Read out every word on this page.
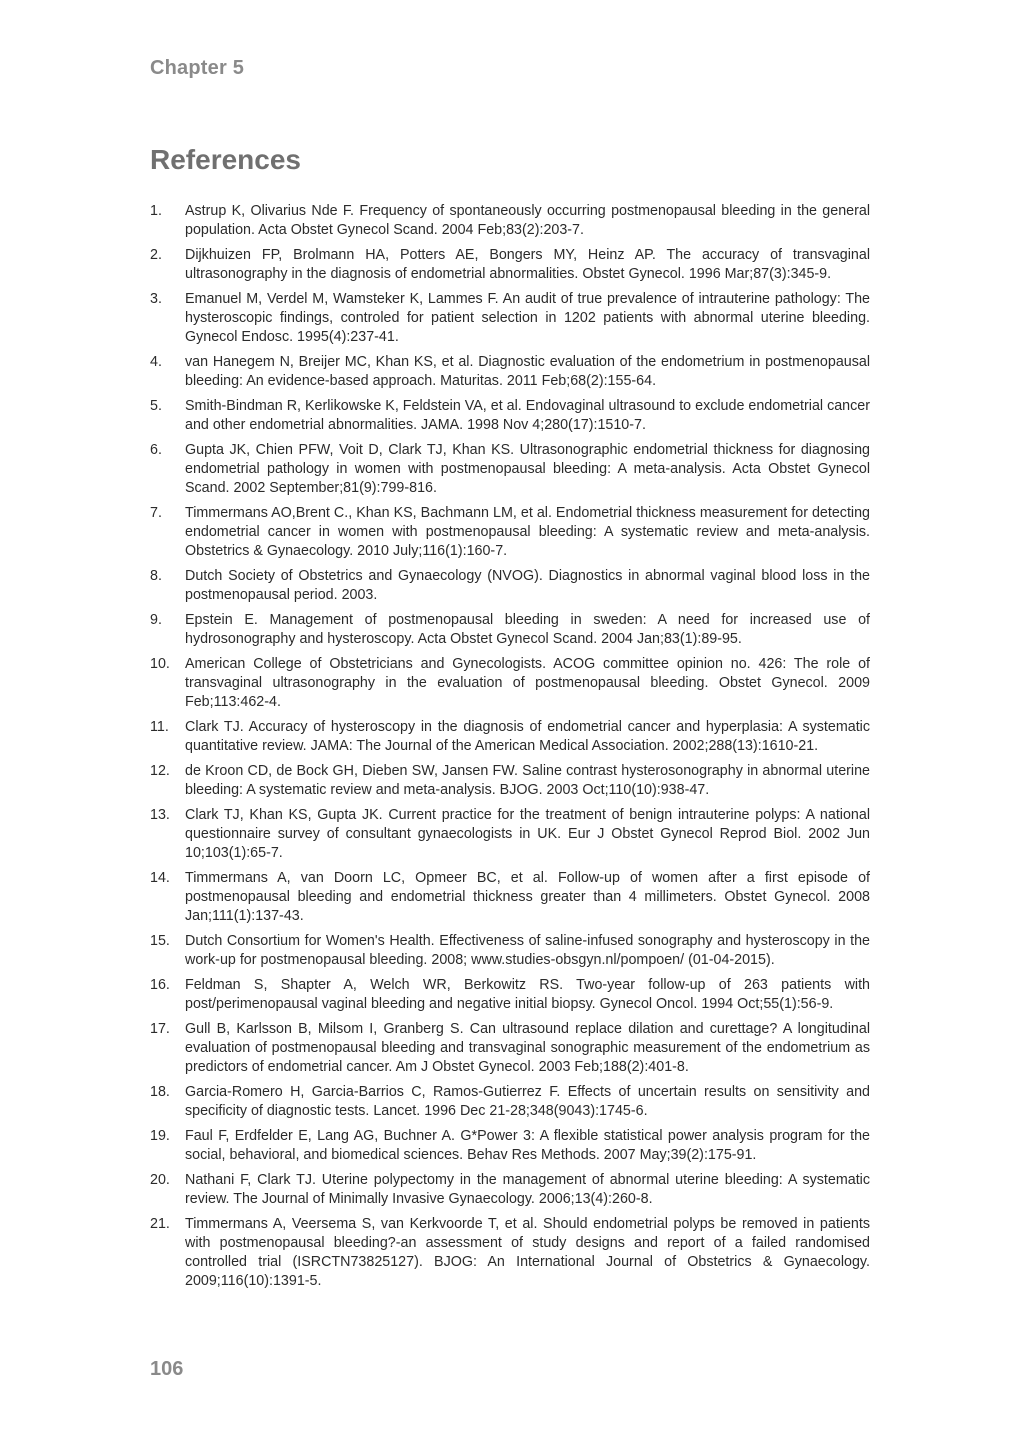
Chapter 5
References
1.	Astrup K, Olivarius Nde F. Frequency of spontaneously occurring postmenopausal bleeding in the general population. Acta Obstet Gynecol Scand. 2004 Feb;83(2):203-7.
2.	Dijkhuizen FP, Brolmann HA, Potters AE, Bongers MY, Heinz AP. The accuracy of transvaginal ultrasonography in the diagnosis of endometrial abnormalities. Obstet Gynecol. 1996 Mar;87(3):345-9.
3.	Emanuel M, Verdel M, Wamsteker K, Lammes F. An audit of true prevalence of intrauterine pathology: The hysteroscopic findings, controled for patient selection in 1202 patients with abnormal uterine bleeding. Gynecol Endosc. 1995(4):237-41.
4.	van Hanegem N, Breijer MC, Khan KS, et al. Diagnostic evaluation of the endometrium in postmenopausal bleeding: An evidence-based approach. Maturitas. 2011 Feb;68(2):155-64.
5.	Smith-Bindman R, Kerlikowske K, Feldstein VA, et al. Endovaginal ultrasound to exclude endometrial cancer and other endometrial abnormalities. JAMA. 1998 Nov 4;280(17):1510-7.
6.	Gupta JK, Chien PFW, Voit D, Clark TJ, Khan KS. Ultrasonographic endometrial thickness for diagnosing endometrial pathology in women with postmenopausal bleeding: A meta-analysis. Acta Obstet Gynecol Scand. 2002 September;81(9):799-816.
7.	Timmermans AO,Brent C., Khan KS, Bachmann LM, et al. Endometrial thickness measurement for detecting endometrial cancer in women with postmenopausal bleeding: A systematic review and meta-analysis. Obstetrics & Gynaecology. 2010 July;116(1):160-7.
8.	Dutch Society of Obstetrics and Gynaecology (NVOG). Diagnostics in abnormal vaginal blood loss in the postmenopausal period. 2003.
9.	Epstein E. Management of postmenopausal bleeding in sweden: A need for increased use of hydrosonography and hysteroscopy. Acta Obstet Gynecol Scand. 2004 Jan;83(1):89-95.
10.	American College of Obstetricians and Gynecologists. ACOG committee opinion no. 426: The role of transvaginal ultrasonography in the evaluation of postmenopausal bleeding. Obstet Gynecol. 2009 Feb;113:462-4.
11.	Clark TJ. Accuracy of hysteroscopy in the diagnosis of endometrial cancer and hyperplasia: A systematic quantitative review. JAMA: The Journal of the American Medical Association. 2002;288(13):1610-21.
12.	de Kroon CD, de Bock GH, Dieben SW, Jansen FW. Saline contrast hysterosonography in abnormal uterine bleeding: A systematic review and meta-analysis. BJOG. 2003 Oct;110(10):938-47.
13.	Clark TJ, Khan KS, Gupta JK. Current practice for the treatment of benign intrauterine polyps: A national questionnaire survey of consultant gynaecologists in UK. Eur J Obstet Gynecol Reprod Biol. 2002 Jun 10;103(1):65-7.
14.	Timmermans A, van Doorn LC, Opmeer BC, et al. Follow-up of women after a first episode of postmenopausal bleeding and endometrial thickness greater than 4 millimeters. Obstet Gynecol. 2008 Jan;111(1):137-43.
15.	Dutch Consortium for Women's Health. Effectiveness of saline-infused sonography and hysteroscopy in the work-up for postmenopausal bleeding. 2008; www.studies-obsgyn.nl/pompoen/ (01-04-2015).
16.	Feldman S, Shapter A, Welch WR, Berkowitz RS. Two-year follow-up of 263 patients with post/perimenopausal vaginal bleeding and negative initial biopsy. Gynecol Oncol. 1994 Oct;55(1):56-9.
17.	Gull B, Karlsson B, Milsom I, Granberg S. Can ultrasound replace dilation and curettage? A longitudinal evaluation of postmenopausal bleeding and transvaginal sonographic measurement of the endometrium as predictors of endometrial cancer. Am J Obstet Gynecol. 2003 Feb;188(2):401-8.
18.	Garcia-Romero H, Garcia-Barrios C, Ramos-Gutierrez F. Effects of uncertain results on sensitivity and specificity of diagnostic tests. Lancet. 1996 Dec 21-28;348(9043):1745-6.
19.	Faul F, Erdfelder E, Lang AG, Buchner A. G*Power 3: A flexible statistical power analysis program for the social, behavioral, and biomedical sciences. Behav Res Methods. 2007 May;39(2):175-91.
20.	Nathani F, Clark TJ. Uterine polypectomy in the management of abnormal uterine bleeding: A systematic review. The Journal of Minimally Invasive Gynaecology. 2006;13(4):260-8.
21.	Timmermans A, Veersema S, van Kerkvoorde T, et al. Should endometrial polyps be removed in patients with postmenopausal bleeding?-an assessment of study designs and report of a failed randomised controlled trial (ISRCTN73825127). BJOG: An International Journal of Obstetrics & Gynaecology. 2009;116(10):1391-5.
106
